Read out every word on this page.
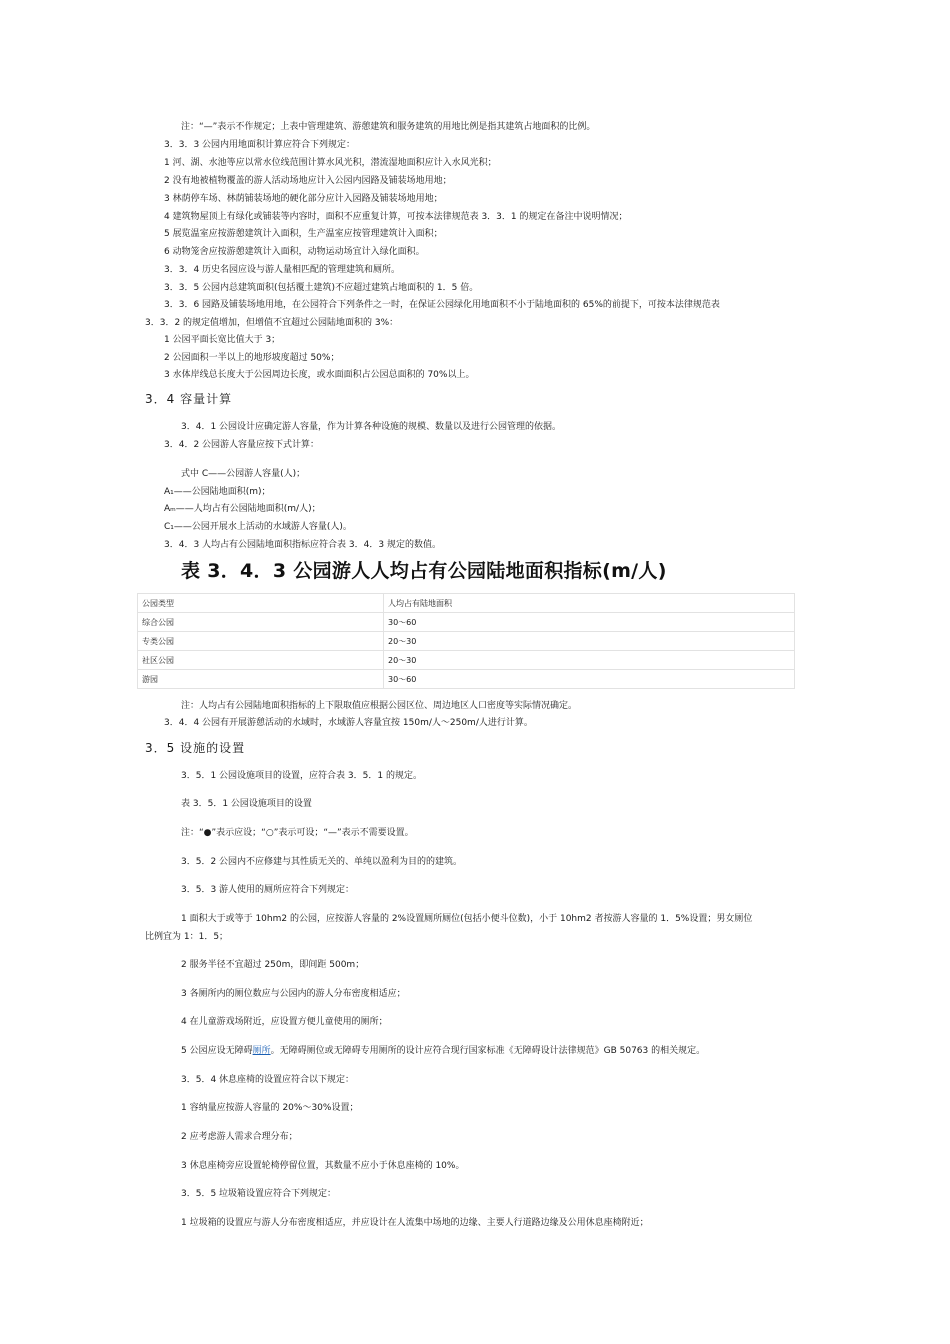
注：“—”表示不作规定；上表中管理建筑、游憩建筑和服务建筑的用地比例是指其建筑占地面积的比例。
3．3．3 公园内用地面积计算应符合下列规定：
1 河、湖、水池等应以常水位线范围计算水风光积，潜流湿地面积应计入水风光积；
2 没有地被植物覆盖的游人活动场地应计入公园内园路及铺装场地用地；
3 林荫停车场、林荫铺装场地的硬化部分应计入园路及铺装场地用地；
4 建筑物屋顶上有绿化或铺装等内容时，面积不应重复计算，可按本法律规范表 3．3．1 的规定在备注中说明情况；
5 展览温室应按游憩建筑计入面积，生产温室应按管理建筑计入面积；
6 动物笼舍应按游憩建筑计入面积，动物运动场宜计入绿化面积。
3．3．4 历史名园应设与游人量相匹配的管理建筑和厕所。
3．3．5 公园内总建筑面积(包括覆土建筑)不应超过建筑占地面积的 1．5 倍。
3．3．6 园路及铺装场地用地，在公园符合下列条件之一时，在保证公园绿化用地面积不小于陆地面积的 65%的前提下，可按本法律规范表
3．3．2 的规定值增加，但增值不宜超过公园陆地面积的 3%：
1 公园平面长宽比值大于 3；
2 公园面积一半以上的地形坡度超过 50%；
3 水体岸线总长度大于公园周边长度，或水面面积占公园总面积的 70%以上。
3．4 容量计算
3．4．1 公园设计应确定游人容量，作为计算各种设施的规模、数量以及进行公园管理的依据。
3．4．2 公园游人容量应按下式计算：
式中 C——公园游人容量(人)；
A₁——公园陆地面积(m)；
Aₘ——人均占有公园陆地面积(m/人)；
C₁——公园开展水上活动的水域游人容量(人)。
3．4．3 人均占有公园陆地面积指标应符合表 3．4．3 规定的数值。
表 3．4．3 公园游人人均占有公园陆地面积指标(m/人)
公园类型	人均占有陆地面积
综合公园	30～60
专类公园	20～30
社区公园	20～30
游园	30～60
注：人均占有公园陆地面积指标的上下限取值应根据公园区位、周边地区人口密度等实际情况确定。
3．4．4 公园有开展游憩活动的水域时，水域游人容量宜按 150m/人～250m/人进行计算。
3．5 设施的设置
3．5．1 公园设施项目的设置，应符合表 3．5．1 的规定。
表 3．5．1 公园设施项目的设置
注：“●”表示应设；“○”表示可设；“—”表示不需要设置。
3．5．2 公园内不应修建与其性质无关的、单纯以盈利为目的的建筑。
3．5．3 游人使用的厕所应符合下列规定：
1 面积大于或等于 10hm2 的公园，应按游人容量的 2%设置厕所厕位(包括小便斗位数)，小于 10hm2 者按游人容量的 1．5%设置；男女厕位
比例宜为 1：1．5；
2 服务半径不宜超过 250m，即间距 500m；
3 各厕所内的厕位数应与公园内的游人分布密度相适应；
4 在儿童游戏场附近，应设置方便儿童使用的厕所；
5 公园应设无障碍厕所。无障碍厕位或无障碍专用厕所的设计应符合现行国家标准《无障碍设计法律规范》GB 50763 的相关规定。
3．5．4 休息座椅的设置应符合以下规定：
1 容纳量应按游人容量的 20%～30%设置；
2 应考虑游人需求合理分布；
3 休息座椅旁应设置轮椅停留位置，其数量不应小于休息座椅的 10%。
3．5．5 垃圾箱设置应符合下列规定：
1 垃圾箱的设置应与游人分布密度相适应，并应设计在人流集中场地的边缘、主要人行道路边缘及公用休息座椅附近；
